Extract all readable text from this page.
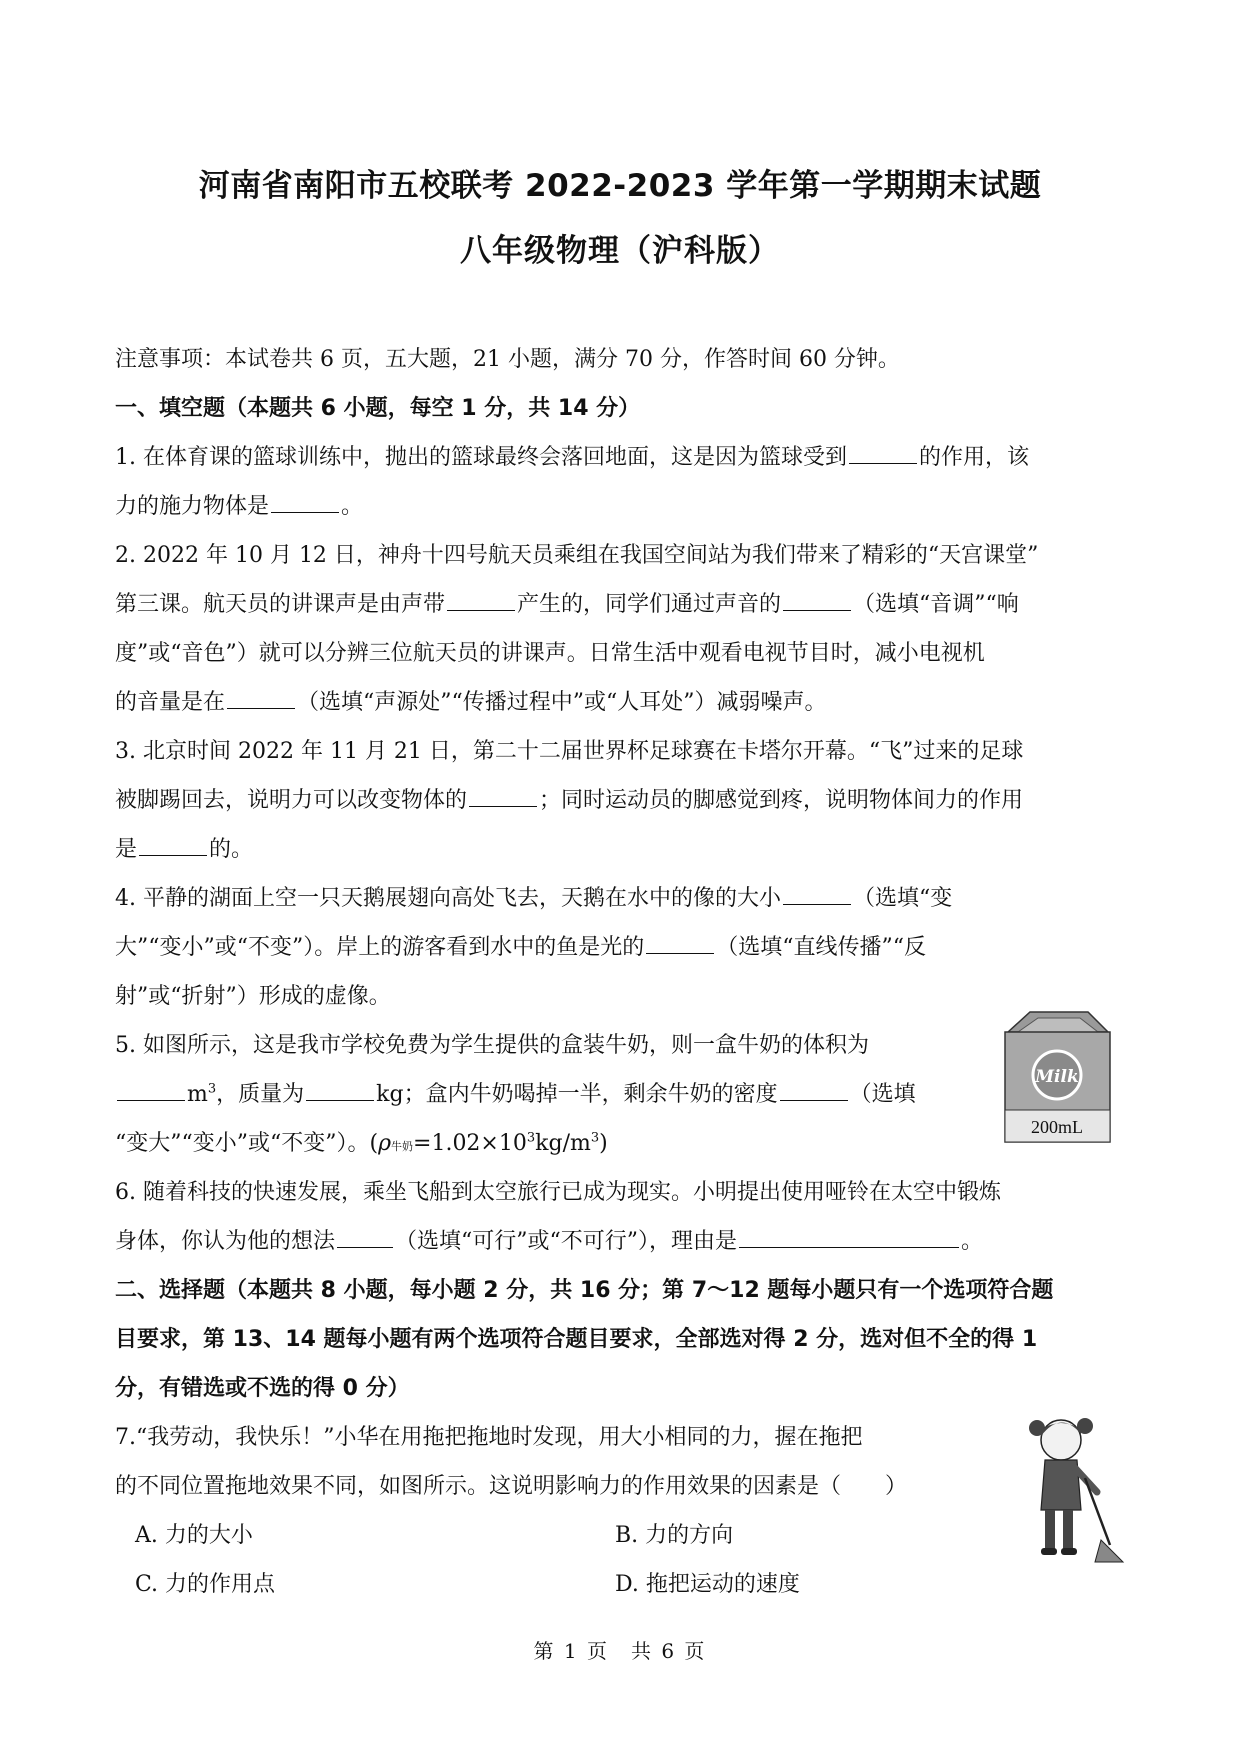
河南省南阳市五校联考 2022-2023 学年第一学期期末试题
八年级物理（沪科版）
注意事项：本试卷共 6 页，五大题，21 小题，满分 70 分，作答时间 60 分钟。
一、填空题（本题共 6 小题，每空 1 分，共 14 分）
1. 在体育课的篮球训练中，抛出的篮球最终会落回地面，这是因为篮球受到	的作用，该
力的施力物体是	。
2. 2022 年 10 月 12 日，神舟十四号航天员乘组在我国空间站为我们带来了精彩的“天宫课堂”
第三课。航天员的讲课声是由声带	产生的，同学们通过声音的	（选填“音调”“响
度”或“音色”）就可以分辨三位航天员的讲课声。日常生活中观看电视节目时，减小电视机
的音量是在	（选填“声源处”“传播过程中”或“人耳处”）减弱噪声。
3. 北京时间 2022 年 11 月 21 日，第二十二届世界杯足球赛在卡塔尔开幕。“飞”过来的足球
被脚踢回去，说明力可以改变物体的	；同时运动员的脚感觉到疼，说明物体间力的作用
是	的。
4. 平静的湖面上空一只天鹅展翅向高处飞去，天鹅在水中的像的大小	（选填“变
大”“变小”或“不变”）。岸上的游客看到水中的鱼是光的	（选填“直线传播”“反
射”或“折射”）形成的虚像。
5. 如图所示，这是我市学校免费为学生提供的盒装牛奶，则一盒牛奶的体积为
$m^3$，质量为	kg；盒内牛奶喝掉一半，剩余牛奶的密度	（选填
“变大”“变小”或“不变”）。(ρ牛奶$=1.02\times 10^3kg/m^3$)
6. 随着科技的快速发展，乘坐飞船到太空旅行已成为现实。小明提出使用哑铃在太空中锻炼
身体，你认为他的想法	（选填“可行”或“不可行”），理由是	。
二、选择题（本题共 8 小题，每小题 2 分，共 16 分；第 7～12 题每小题只有一个选项符合题
目要求，第 13、14 题每小题有两个选项符合题目要求，全部选对得 2 分，选对但不全的得 1
分，有错选或不选的得 0 分）
7.“我劳动，我快乐！”小华在用拖把拖地时发现，用大小相同的力，握在拖把
的不同位置拖地效果不同，如图所示。这说明影响力的作用效果的因素是（　　）
A. 力的大小	B. 力的方向
C. 力的作用点	D. 拖把运动的速度
Milk
200mL
第 1 页　共 6 页
